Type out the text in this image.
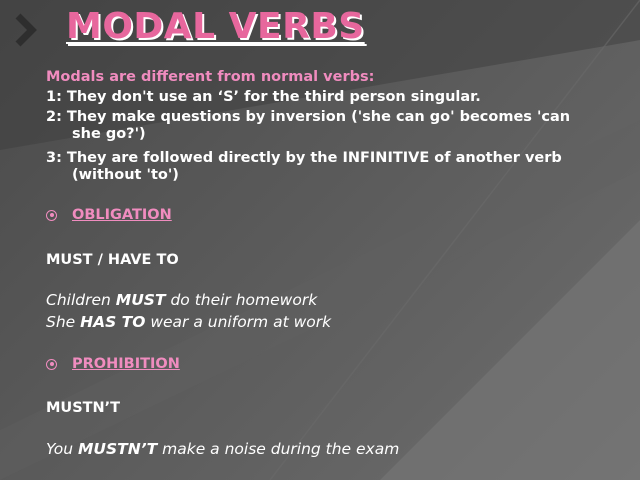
MODAL VERBS
Modals are different from normal verbs:
1: They don't use an ‘S’ for the third person singular.
2: They make questions by inversion ('she can go' becomes 'can
she go?')
3: They are followed directly by the INFINITIVE of another verb
(without 'to')
OBLIGATION
MUST / HAVE TO
Children MUST do their homework
She HAS TO wear a uniform at work
PROHIBITION
MUSTN’T
You MUSTN’T make a noise during the exam
